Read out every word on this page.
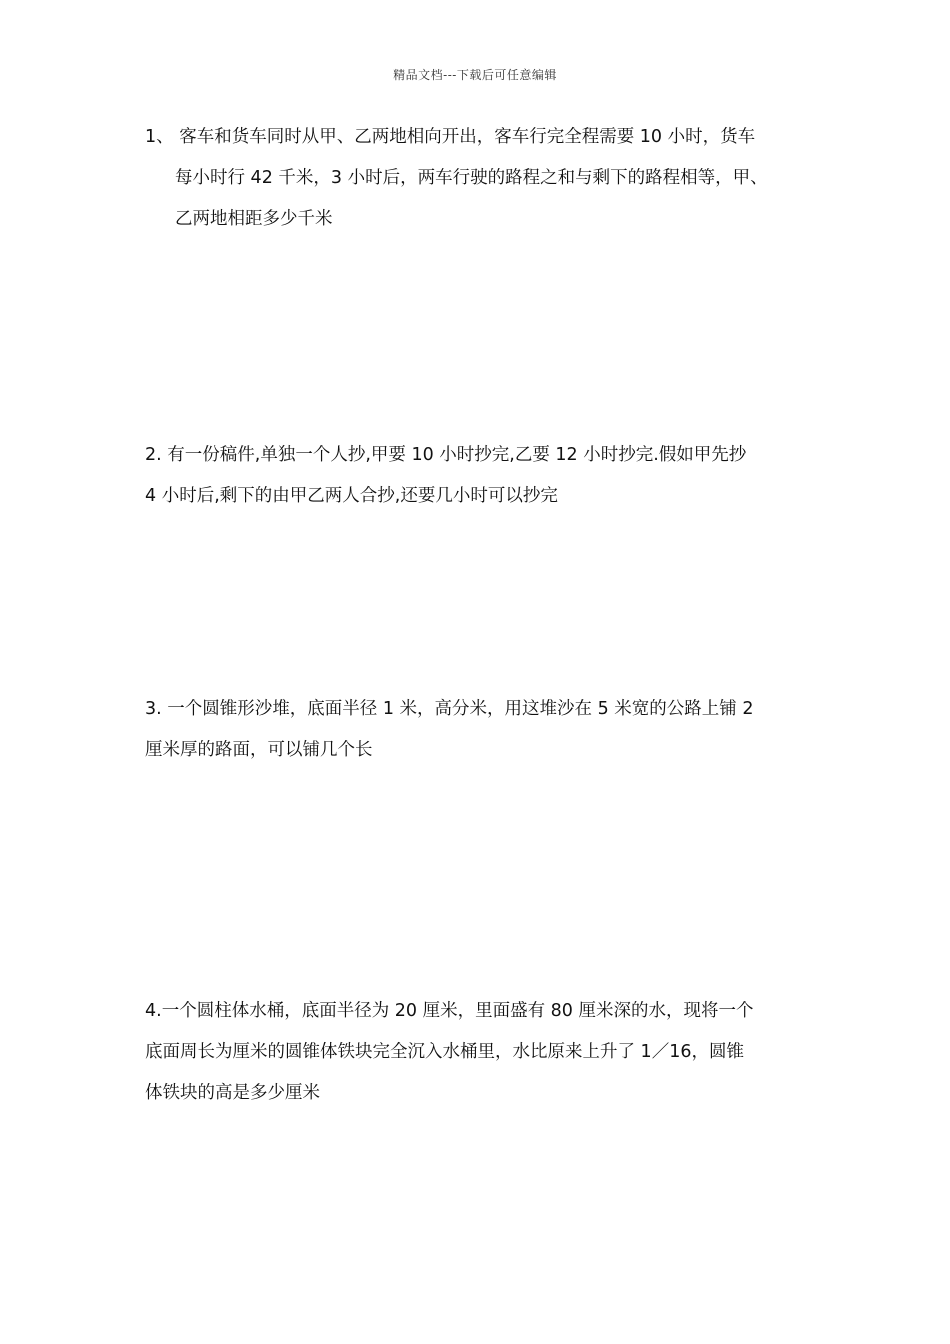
精品文档---下载后可任意编辑
1、 客车和货车同时从甲、乙两地相向开出，客车行完全程需要 10 小时，货车
每小时行 42 千米，3 小时后，两车行驶的路程之和与剩下的路程相等，甲、
乙两地相距多少千米
2. 有一份稿件,单独一个人抄,甲要 10 小时抄完,乙要 12 小时抄完.假如甲先抄
4 小时后,剩下的由甲乙两人合抄,还要几小时可以抄完
3. 一个圆锥形沙堆，底面半径 1 米，高分米，用这堆沙在 5 米宽的公路上铺 2
厘米厚的路面，可以铺几个长
4.一个圆柱体水桶，底面半径为 20 厘米，里面盛有 80 厘米深的水，现将一个
底面周长为厘米的圆锥体铁块完全沉入水桶里，水比原来上升了 1／16，圆锥
体铁块的高是多少厘米
